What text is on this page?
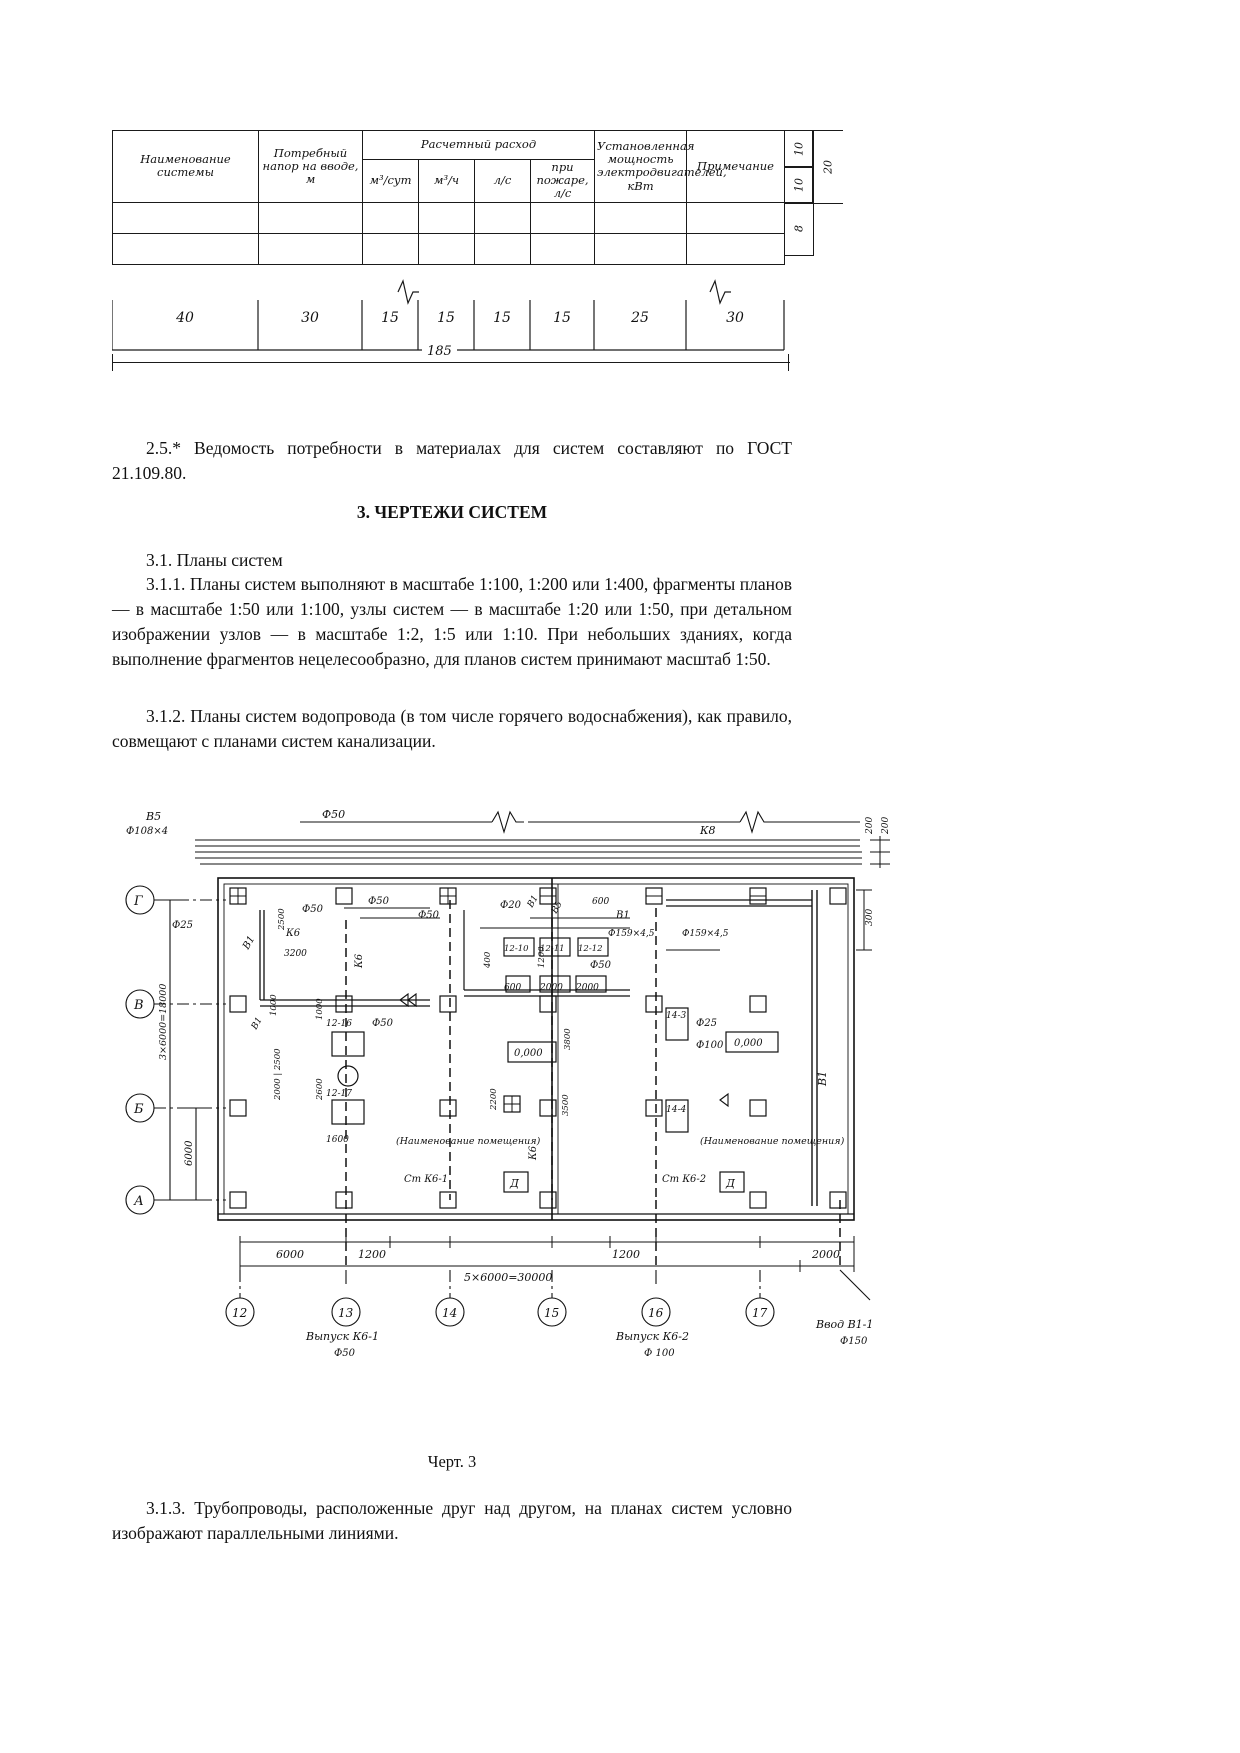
Наименование системы	Потребный напор на вводе, м	Расчетный расход				Установленная мощность электродвигателей, кВт	Примечание
		м³/сут	м³/ч	л/с	при пожаре, л/с		

40	30	15	15	15	15	25	30
10
10
8
20
185
2.5.* Ведомость потребности в материалах для систем составляют по ГОСТ 21.109.80.
3. ЧЕРТЕЖИ СИСТЕМ
3.1. Планы систем
3.1.1. Планы систем выполняют в масштабе 1:100, 1:200 или 1:400, фрагменты планов — в масштабе 1:50 или 1:100, узлы систем — в масштабе 1:20 или 1:50, при детальном изображении узлов — в масштабе 1:2, 1:5 или 1:10. При небольших зданиях, когда выполнение фрагментов нецелесообразно, для планов систем принимают масштаб 1:50.
3.1.2. Планы систем водопровода (в том числе горячего водоснабжения), как правило, совмещают с планами систем канализации.
В5
Ф108×4
Ф50
К8	200 200
300
Ф25
В1
2500 Ф50
К6
3200
Ф50
Ф50
Ф20 В1 В5	600
В1
Ф159×4,5	Ф159×4,5
12-10 12-11 12-12
400	1200	Ф50
600 2000 2000
14-3
0,000
0,000
К6
1000	1000
12-16 Ф50
В1	Ф25
Ф100
3800
2200	3500
12-17
2000 | 2500	2600
1600
14-4
(Наименование помещения)	(Наименование помещения)
Ст К6-1	Д	Ст К6-2 Д
В1
К6
Г
В
Б
А
12	13	14	15	16	17
3×6000=18000
6000
6000	1200
5×6000=30000
1200	2000
Выпуск К6-1
Ф50
Выпуск К6-2
Ф 100
Ввод В1-1
Ф150
Черт. 3
3.1.3. Трубопроводы, расположенные друг над другом, на планах систем условно изображают параллельными линиями.
